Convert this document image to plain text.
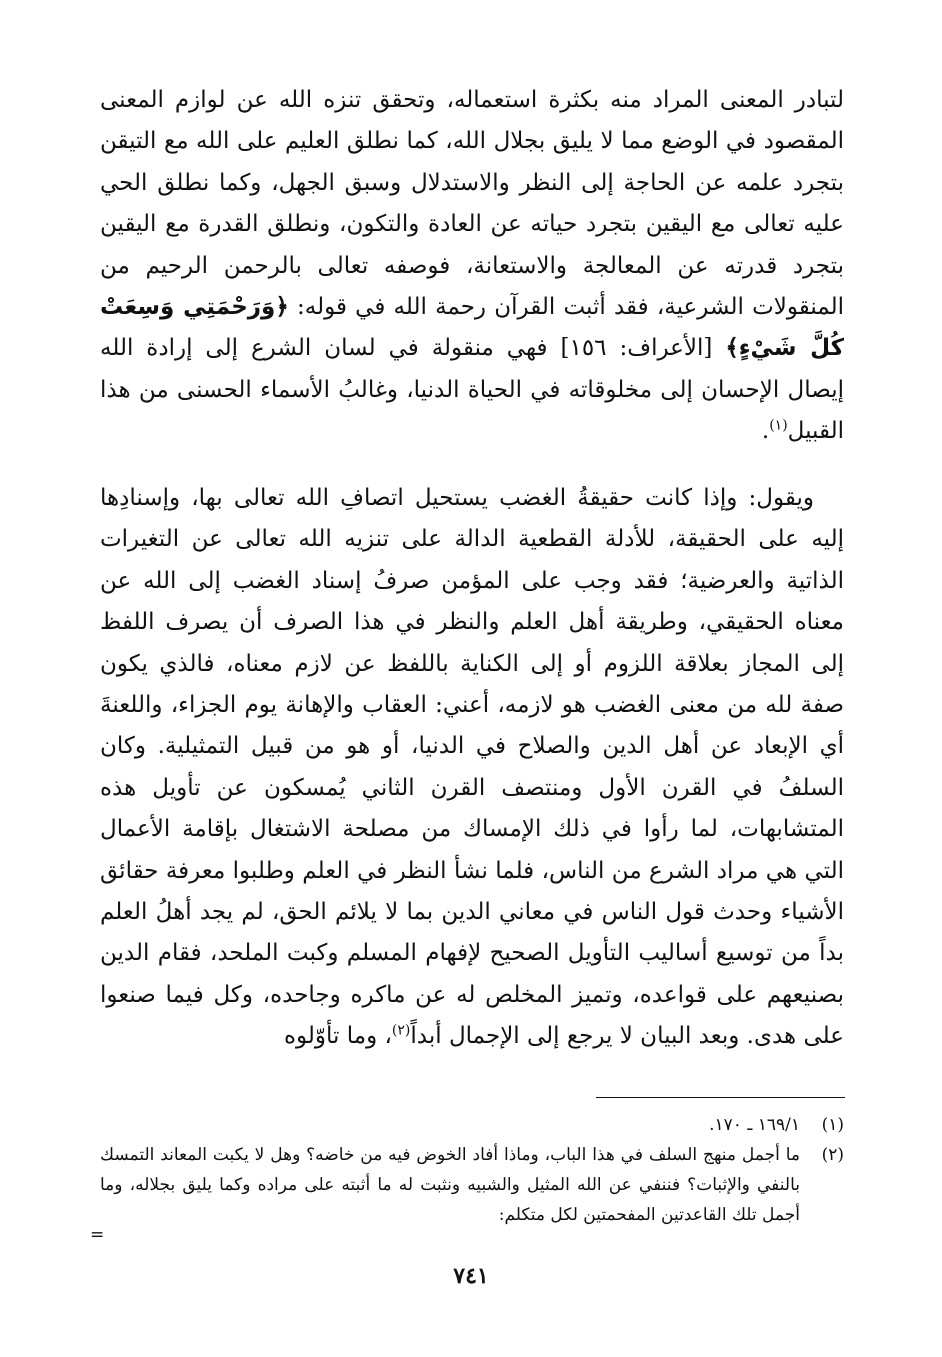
لتبادر المعنى المراد منه بكثرة استعماله، وتحقق تنزه الله عن لوازم المعنى المقصود في الوضع مما لا يليق بجلال الله، كما نطلق العليم على الله مع التيقن بتجرد علمه عن الحاجة إلى النظر والاستدلال وسبق الجهل، وكما نطلق الحي عليه تعالى مع اليقين بتجرد حياته عن العادة والتكون، ونطلق القدرة مع اليقين بتجرد قدرته عن المعالجة والاستعانة، فوصفه تعالى بالرحمن الرحيم من المنقولات الشرعية، فقد أثبت القرآن رحمة الله في قوله: ﴿وَرَحْمَتِي وَسِعَتْ كُلَّ شَيْءٍ﴾ [الأعراف: ١٥٦] فهي منقولة في لسان الشرع إلى إرادة الله إيصال الإحسان إلى مخلوقاته في الحياة الدنيا، وغالبُ الأسماء الحسنى من هذا القبيل$^{(١)}$.

ويقول: وإذا كانت حقيقةُ الغضب يستحيل اتصافِ الله تعالى بها، وإسنادِها إليه على الحقيقة، للأدلة القطعية الدالة على تنزيه الله تعالى عن التغيرات الذاتية والعرضية؛ فقد وجب على المؤمن صرفُ إسناد الغضب إلى الله عن معناه الحقيقي، وطريقة أهل العلم والنظر في هذا الصرف أن يصرف اللفظ إلى المجاز بعلاقة اللزوم أو إلى الكناية باللفظ عن لازم معناه، فالذي يكون صفة لله من معنى الغضب هو لازمه، أعني: العقاب والإهانة يوم الجزاء، واللعنةَ أي الإبعاد عن أهل الدين والصلاح في الدنيا، أو هو من قبيل التمثيلية. وكان السلفُ في القرن الأول ومنتصف القرن الثاني يُمسكون عن تأويل هذه المتشابهات، لما رأوا في ذلك الإمساك من مصلحة الاشتغال بإقامة الأعمال التي هي مراد الشرع من الناس، فلما نشأ النظر في العلم وطلبوا معرفة حقائق الأشياء وحدث قول الناس في معاني الدين بما لا يلائم الحق، لم يجد أهلُ العلم بداً من توسيع أساليب التأويل الصحيح لإفهام المسلم وكبت الملحد، فقام الدين بصنيعهم على قواعده، وتميز المخلص له عن ماكره وجاحده، وكل فيما صنعوا على هدى. وبعد البيان لا يرجع إلى الإجمال أبداً$^{(٢)}$، وما تأوّلوه

(١)
١٦٩/١ ـ ١٧٠.
(٢)
ما أجمل منهج السلف في هذا الباب، وماذا أفاد الخوض فيه من خاضه؟ وهل لا يكبت المعاند التمسك بالنفي والإثبات؟ فننفي عن الله المثيل والشبيه ونثبت له ما أثبته على مراده وكما يليق بجلاله، وما أجمل تلك القاعدتين المفحمتين لكل متكلم:
=
٧٤١
